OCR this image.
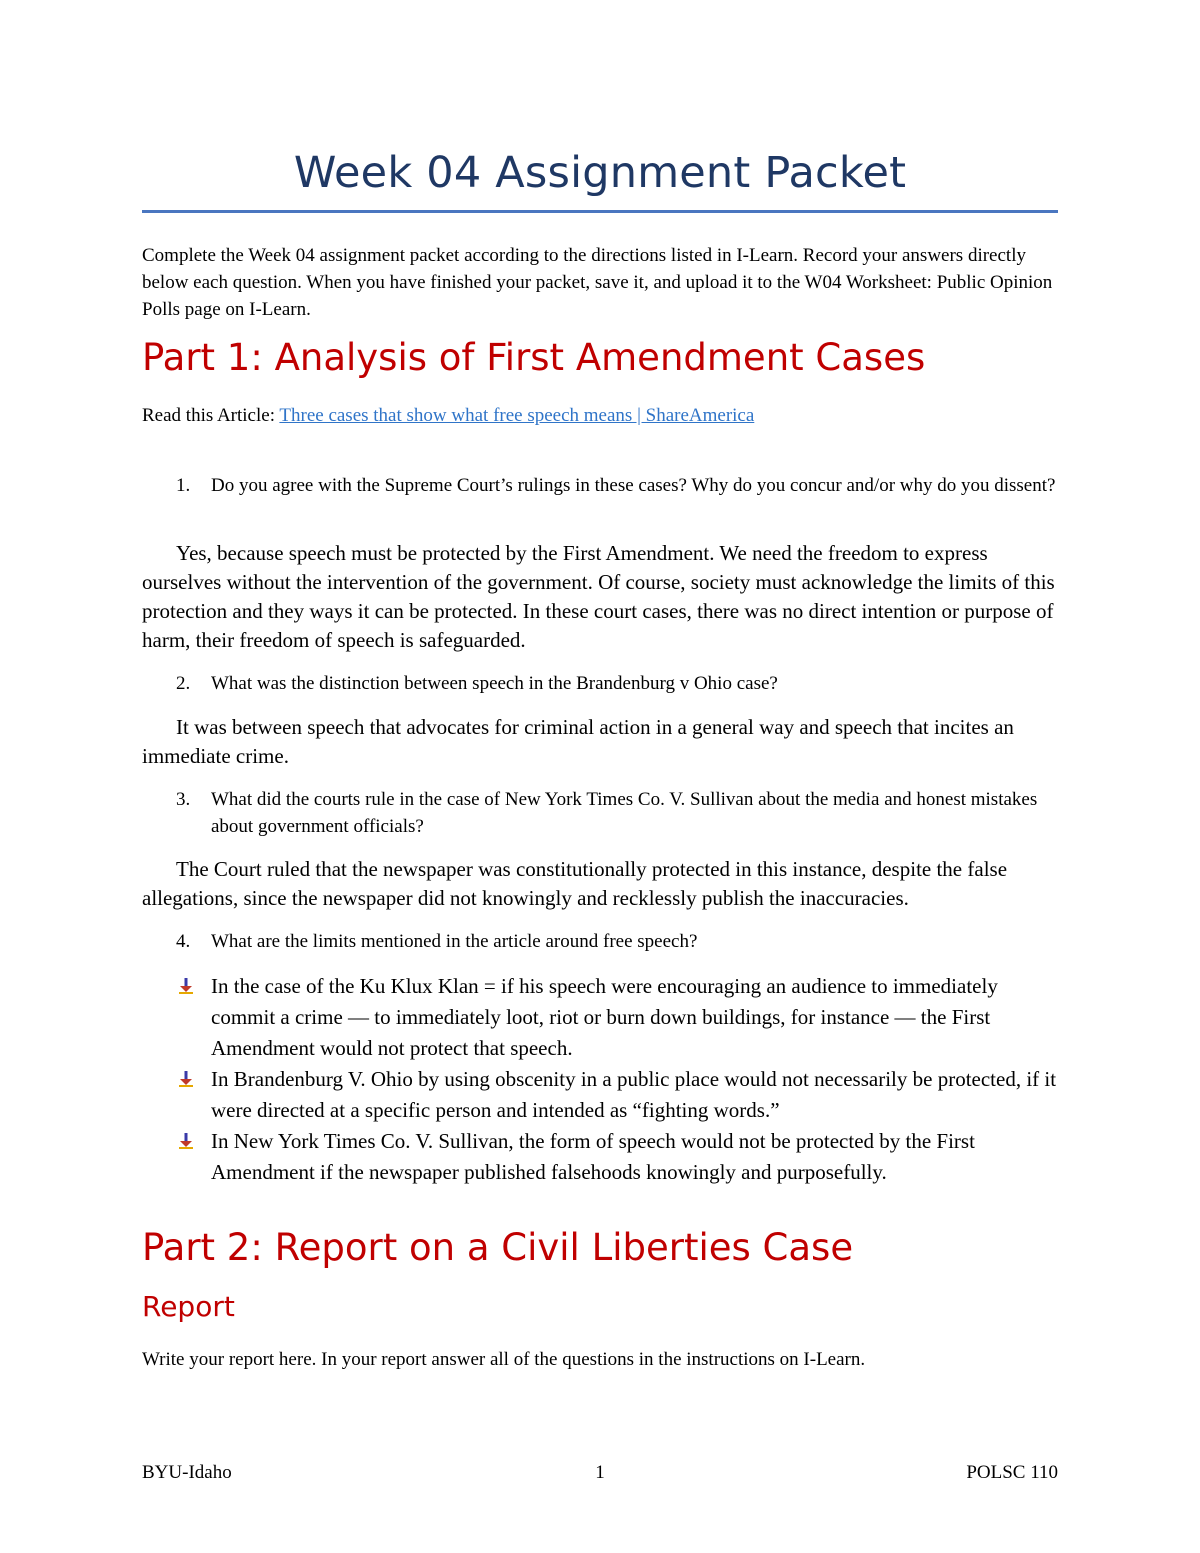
Week 04 Assignment Packet

Complete the Week 04 assignment packet according to the directions listed in I-Learn. Record your answers directly below each question. When you have finished your packet, save it, and upload it to the W04 Worksheet: Public Opinion Polls page on I-Learn.

Part 1: Analysis of First Amendment Cases

Read this Article: Three cases that show what free speech means | ShareAmerica

1.	Do you agree with the Supreme Court’s rulings in these cases? Why do you concur and/or why do you dissent?

Yes, because speech must be protected by the First Amendment. We need the freedom to express ourselves without the intervention of the government. Of course, society must acknowledge the limits of this protection and they ways it can be protected. In these court cases, there was no direct intention or purpose of harm, their freedom of speech is safeguarded.

2.	What was the distinction between speech in the Brandenburg v Ohio case?

It was between speech that advocates for criminal action in a general way and speech that incites an immediate crime.

3.	What did the courts rule in the case of New York Times Co. V. Sullivan about the media and honest mistakes about government officials?

The Court ruled that the newspaper was constitutionally protected in this instance, despite the false allegations, since the newspaper did not knowingly and recklessly publish the inaccuracies.

4.	What are the limits mentioned in the article around free speech?
In the case of the Ku Klux Klan = if his speech were encouraging an audience to immediately commit a crime — to immediately loot, riot or burn down buildings, for instance — the First Amendment would not protect that speech.
In Brandenburg V. Ohio by using obscenity in a public place would not necessarily be protected, if it were directed at a specific person and intended as “fighting words.”
In New York Times Co. V. Sullivan, the form of speech would not be protected by the First Amendment if the newspaper published falsehoods knowingly and purposefully.
Part 2: Report on a Civil Liberties Case
Report

Write your report here. In your report answer all of the questions in the instructions on I-Learn.

BYU-Idaho	1	POLSC 110
